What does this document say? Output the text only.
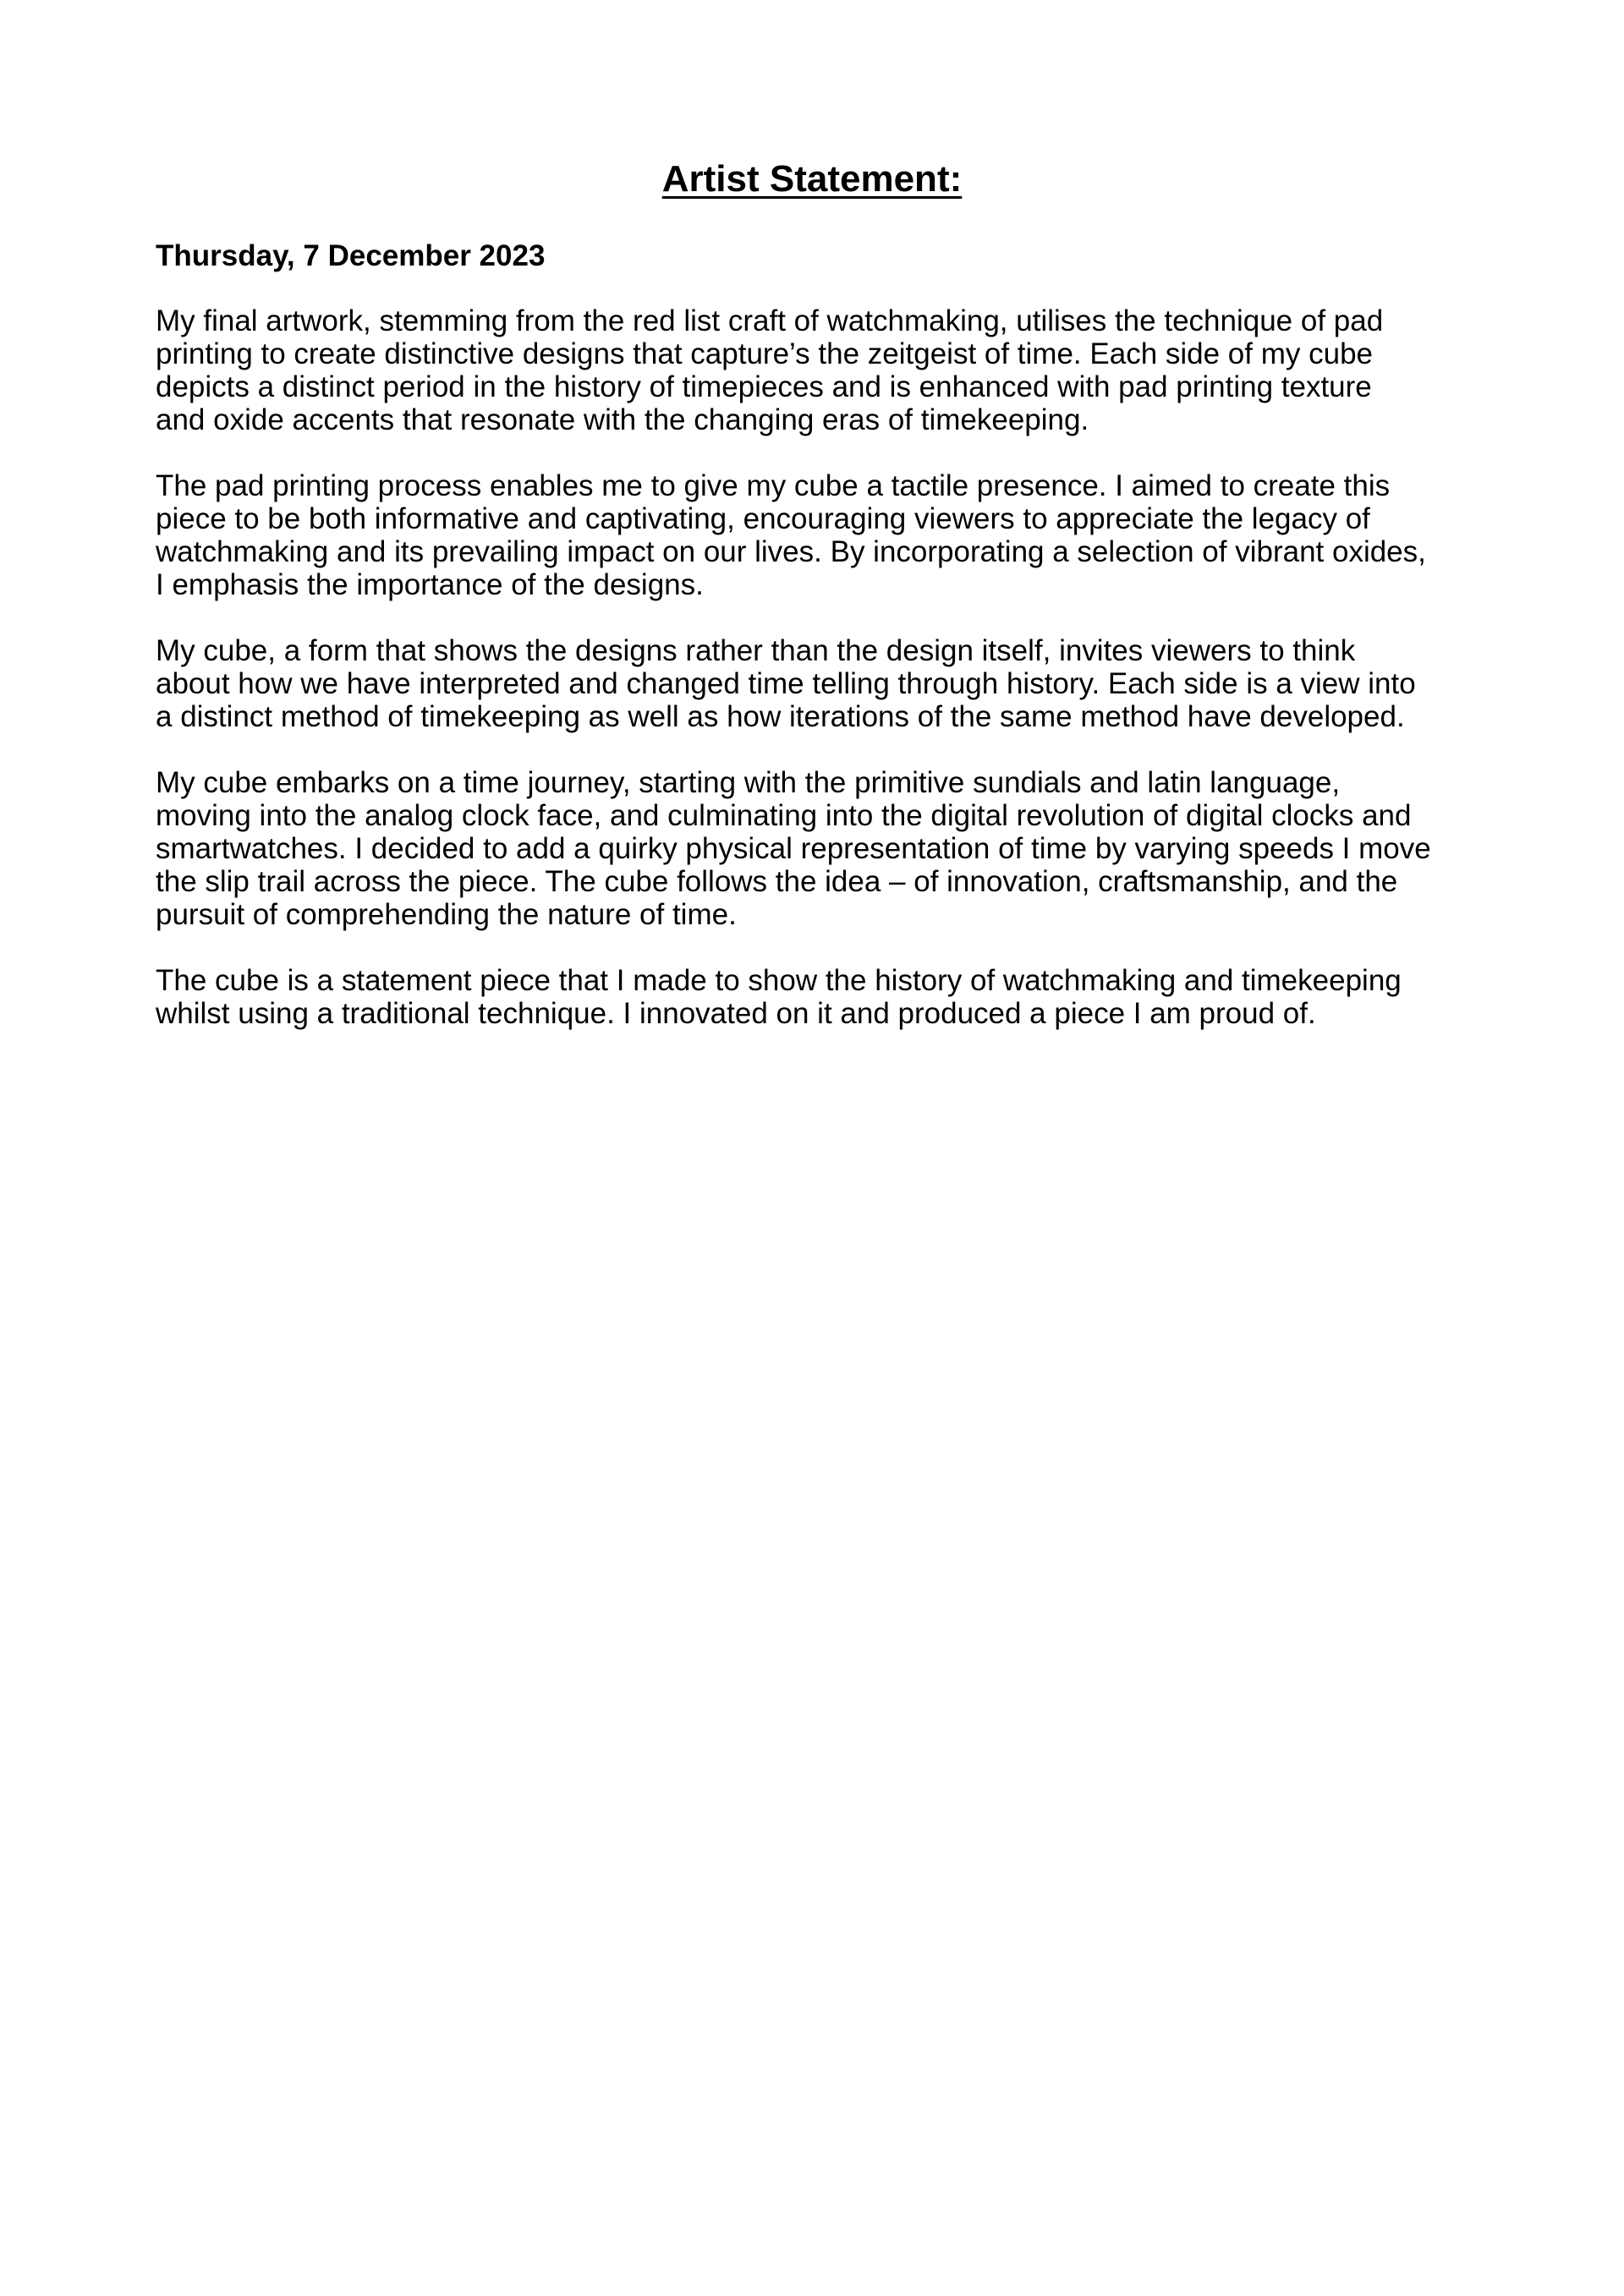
Artist Statement:

Thursday, 7 December 2023

My final artwork, stemming from the red list craft of watchmaking, utilises the technique of pad
printing to create distinctive designs that capture’s the zeitgeist of time. Each side of my cube
depicts a distinct period in the history of timepieces and is enhanced with pad printing texture
and oxide accents that resonate with the changing eras of timekeeping.

The pad printing process enables me to give my cube a tactile presence. I aimed to create this
piece to be both informative and captivating, encouraging viewers to appreciate the legacy of
watchmaking and its prevailing impact on our lives. By incorporating a selection of vibrant oxides,
I emphasis the importance of the designs.

My cube, a form that shows the designs rather than the design itself, invites viewers to think
about how we have interpreted and changed time telling through history. Each side is a view into
a distinct method of timekeeping as well as how iterations of the same method have developed.

My cube embarks on a time journey, starting with the primitive sundials and latin language,
moving into the analog clock face, and culminating into the digital revolution of digital clocks and
smartwatches. I decided to add a quirky physical representation of time by varying speeds I move
the slip trail across the piece. The cube follows the idea – of innovation, craftsmanship, and the
pursuit of comprehending the nature of time.

The cube is a statement piece that I made to show the history of watchmaking and timekeeping
whilst using a traditional technique. I innovated on it and produced a piece I am proud of.
